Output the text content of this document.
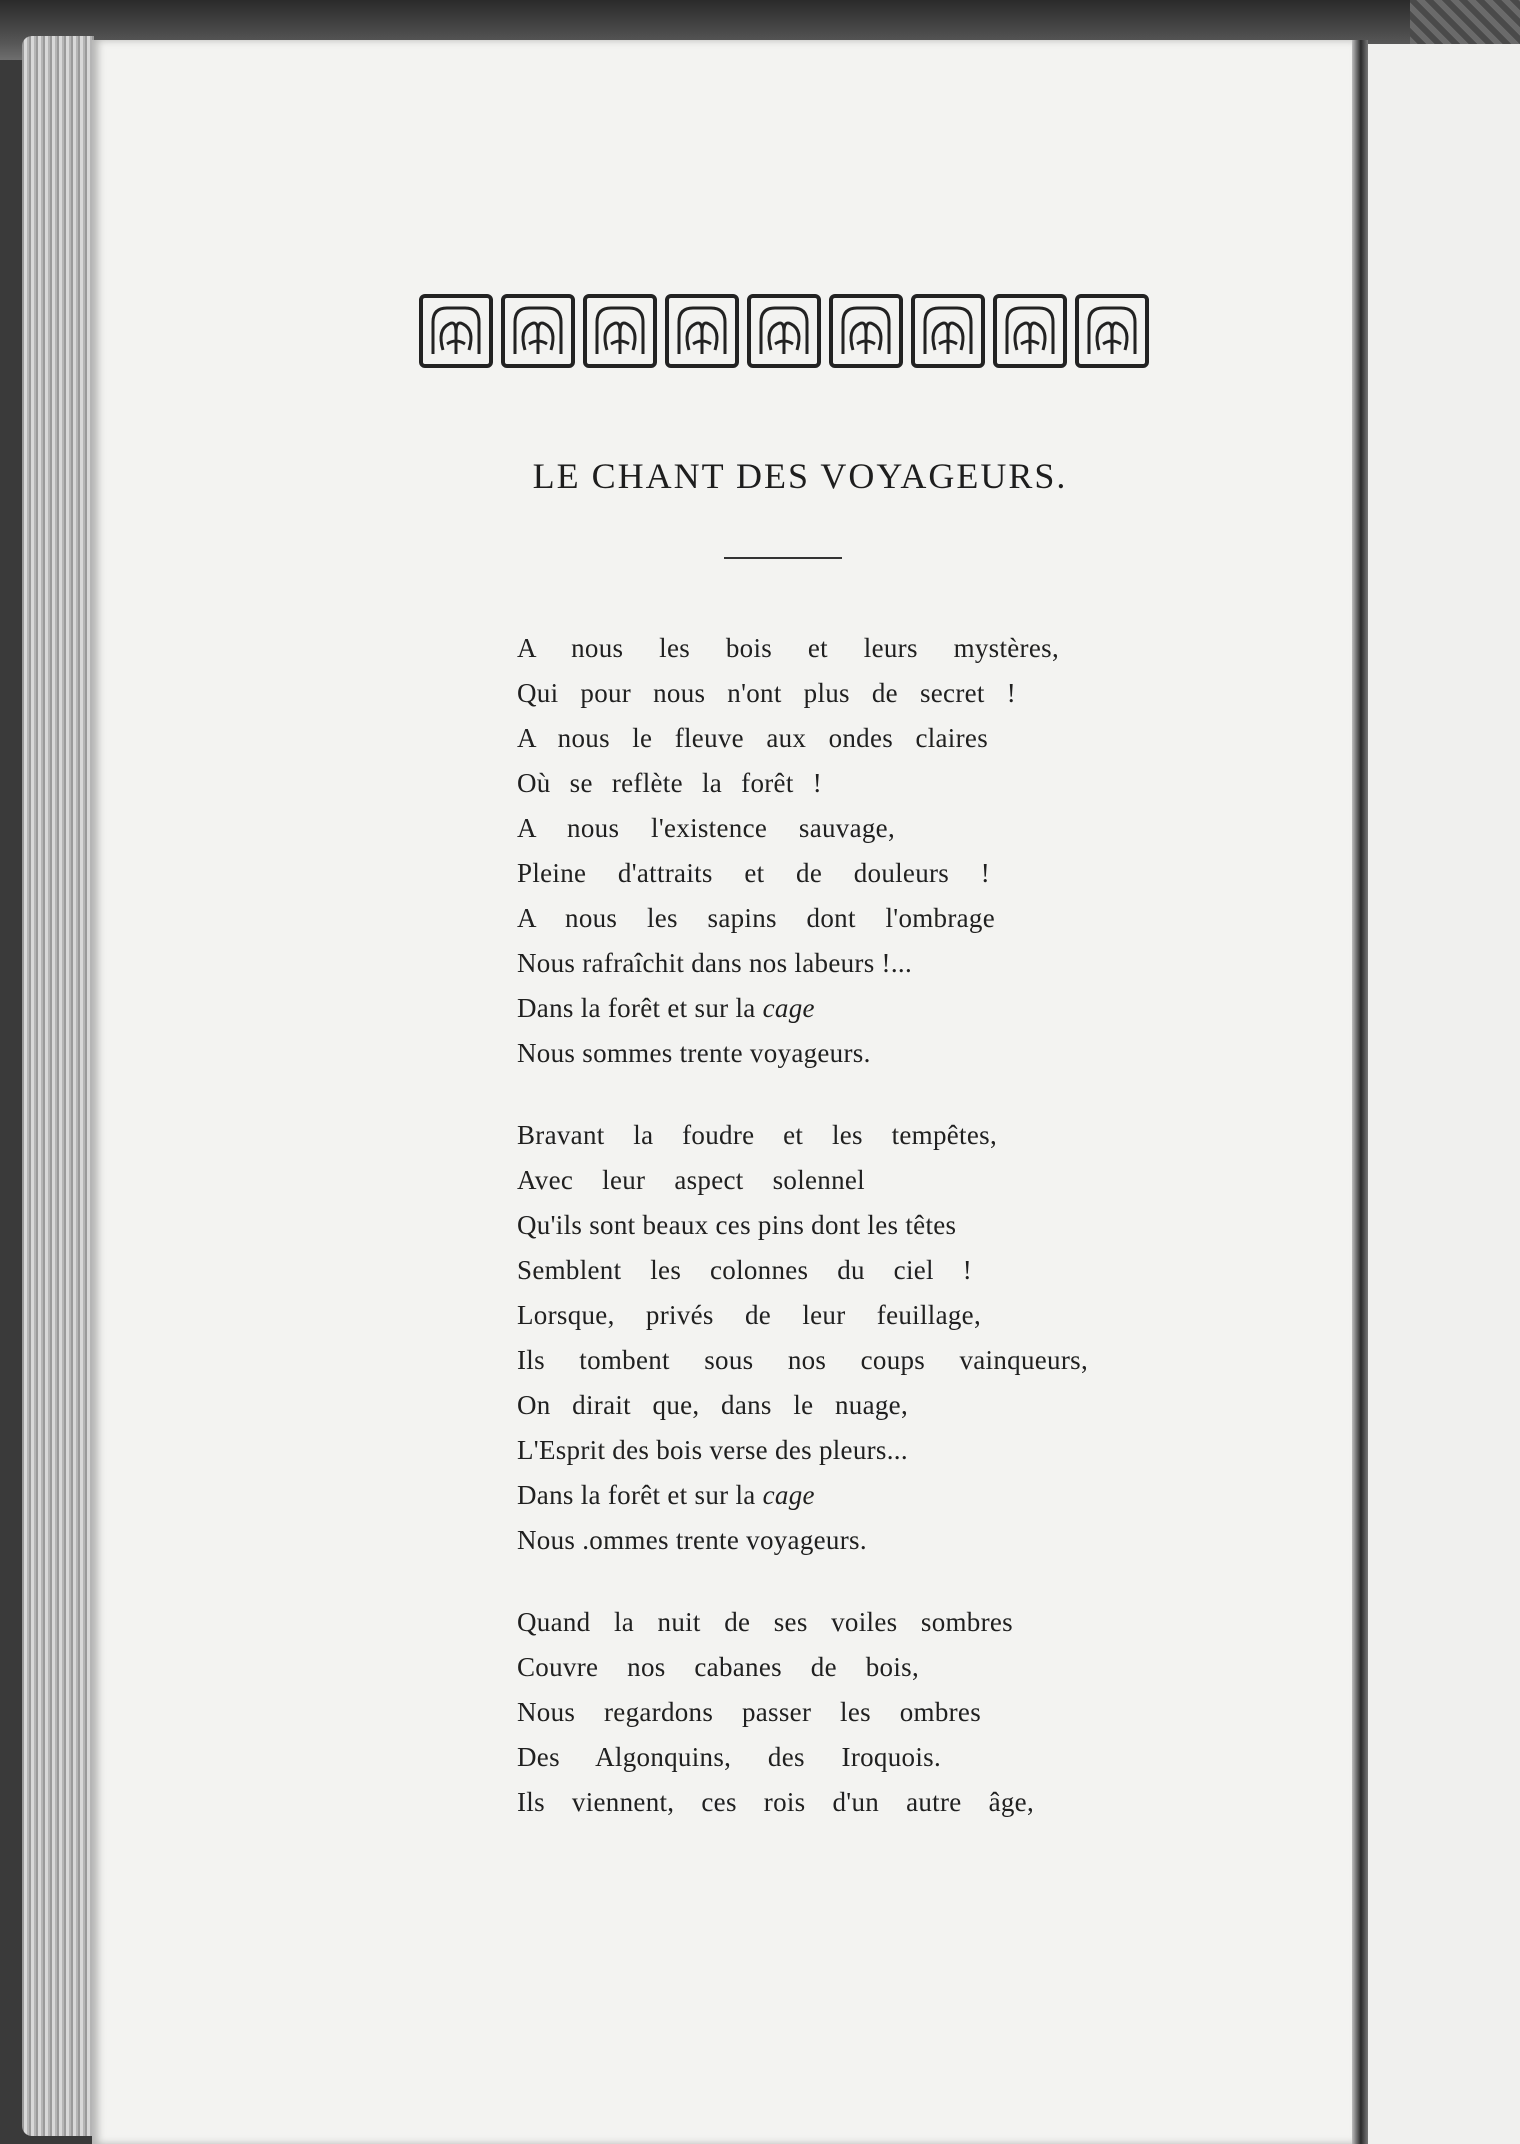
LE CHANT DES VOYAGEURS.
A nous les bois et leurs mystères,
Qui pour nous n'ont plus de secret !
A nous le fleuve aux ondes claires
Où se reflète la forêt !
A nous l'existence sauvage,
Pleine d'attraits et de douleurs !
A nous les sapins dont l'ombrage
Nous rafraîchit dans nos labeurs !...
Dans la forêt et sur la cage
Nous sommes trente voyageurs.
Bravant la foudre et les tempêtes,
Avec leur aspect solennel
Qu'ils sont beaux ces pins dont les têtes
Semblent les colonnes du ciel !
Lorsque, privés de leur feuillage,
Ils tombent sous nos coups vainqueurs,
On dirait que, dans le nuage,
L'Esprit des bois verse des pleurs...
Dans la forêt et sur la cage
Nous .ommes trente voyageurs.
Quand la nuit de ses voiles sombres
Couvre nos cabanes de bois,
Nous regardons passer les ombres
Des Algonquins, des Iroquois.
Ils viennent, ces rois d'un autre âge,
